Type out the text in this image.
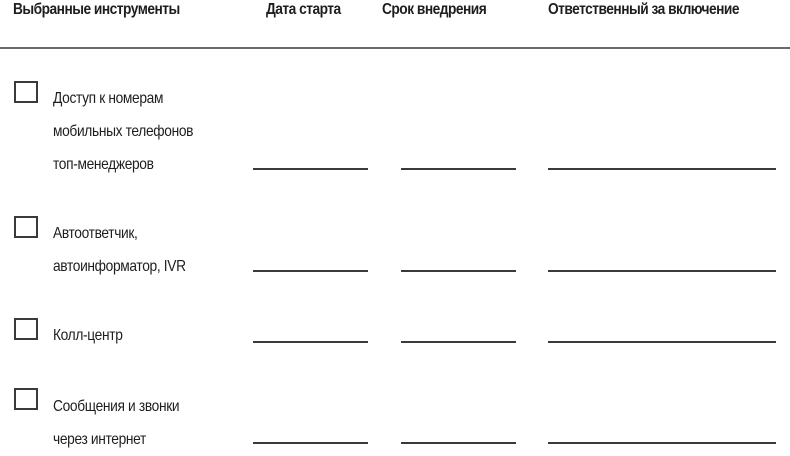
Выбранные инструменты	Дата старта	Срок внедрения	Ответственный за включение
Доступ к номерам
мобильных телефонов
топ-менеджеров
Автоответчик,
автоинформатор, IVR
Колл-центр
Сообщения и звонки
через интернет
